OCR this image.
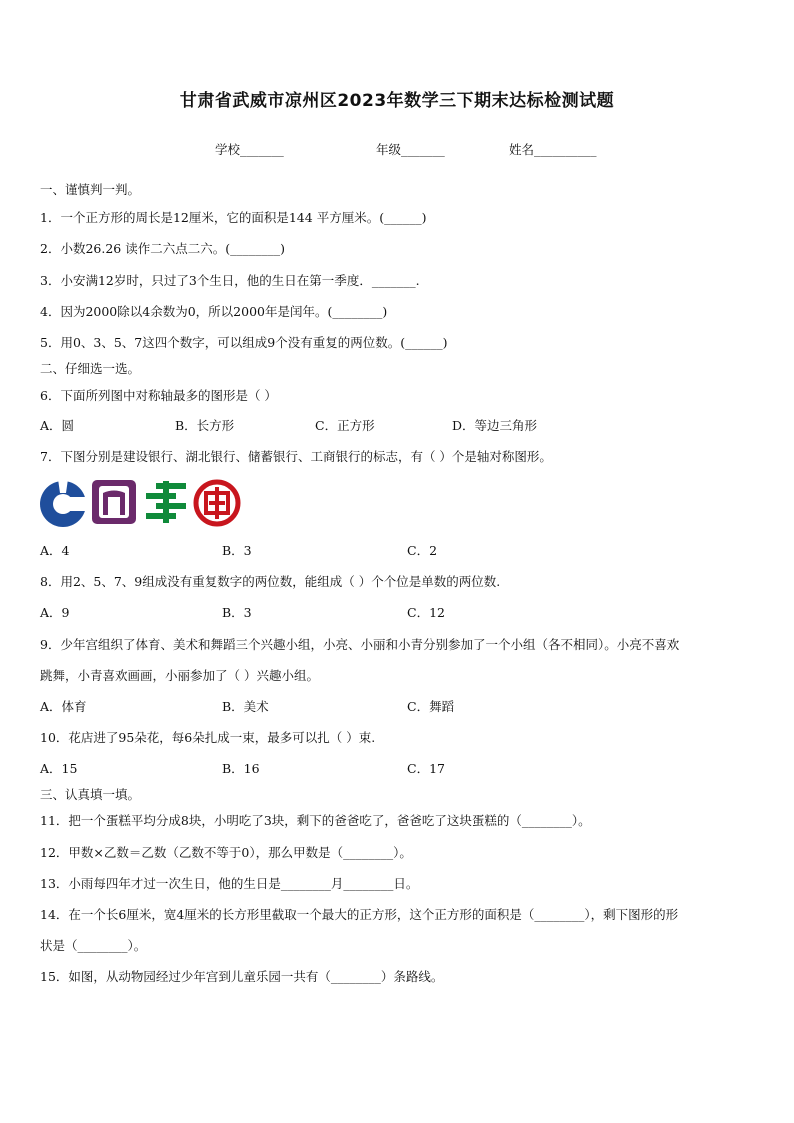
甘肃省武威市凉州区2023年数学三下期末达标检测试题
学校_______	年级_______	姓名__________
一、谨慎判一判。
1．一个正方形的周长是12厘米，它的面积是144 平方厘米。(______)
2．小数26.26 读作二六点二六。(________)
3．小安满12岁时，只过了3个生日，他的生日在第一季度．_______.
4．因为2000除以4余数为0，所以2000年是闰年。(________)
5．用0、3、5、7这四个数字，可以组成9个没有重复的两位数。(______)
二、仔细选一选。
6．下面所列图中对称轴最多的图形是（ ）
A．圆	B．长方形	C．正方形	D．等边三角形
7．下图分别是建设银行、湖北银行、储蓄银行、工商银行的标志，有（ ）个是轴对称图形。
A．4	B．3	C．2
8．用2、5、7、9组成没有重复数字的两位数，能组成（ ）个个位是单数的两位数.
A．9	B．3	C．12
9．少年宫组织了体育、美术和舞蹈三个兴趣小组，小亮、小丽和小青分别参加了一个小组（各不相同）。小亮不喜欢
跳舞，小青喜欢画画，小丽参加了（ ）兴趣小组。
A．体育	B．美术	C．舞蹈
10．花店进了95朵花，每6朵扎成一束，最多可以扎（ ）束.
A．15	B．16	C．17
三、认真填一填。
11．把一个蛋糕平均分成8块，小明吃了3块，剩下的爸爸吃了，爸爸吃了这块蛋糕的（________）。
12．甲数×乙数＝乙数（乙数不等于0），那么甲数是（________）。
13．小雨每四年才过一次生日，他的生日是________月________日。
14．在一个长6厘米，宽4厘米的长方形里截取一个最大的正方形，这个正方形的面积是（________），剩下图形的形
状是（________）。
15．如图，从动物园经过少年宫到儿童乐园一共有（________）条路线。
